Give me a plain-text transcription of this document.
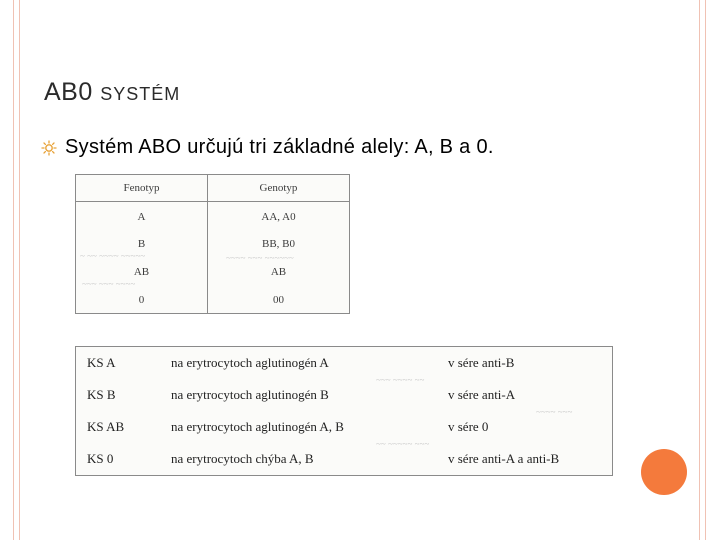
AB0 SYSTÉM
Systém ABO určujú tri základné alely: A, B a 0.
Fenotyp	Genotyp
A	AA, A0
B	BB, B0
AB	AB
0	00
~ ~~ ~~~~ ~~~~~	~~~~ ~~~ ~~~~~~
~~~ ~~~ ~~~~
KS A	na erytrocytoch aglutinogén A	v sére anti-B
KS B	na erytrocytoch aglutinogén B	v sére anti-A
KS AB	na erytrocytoch aglutinogén A, B	v sére 0
KS 0	na erytrocytoch chýba A, B	v sére anti-A a anti-B
~~~ ~~~~ ~~
~~~~ ~~~
~~ ~~~~~ ~~~
